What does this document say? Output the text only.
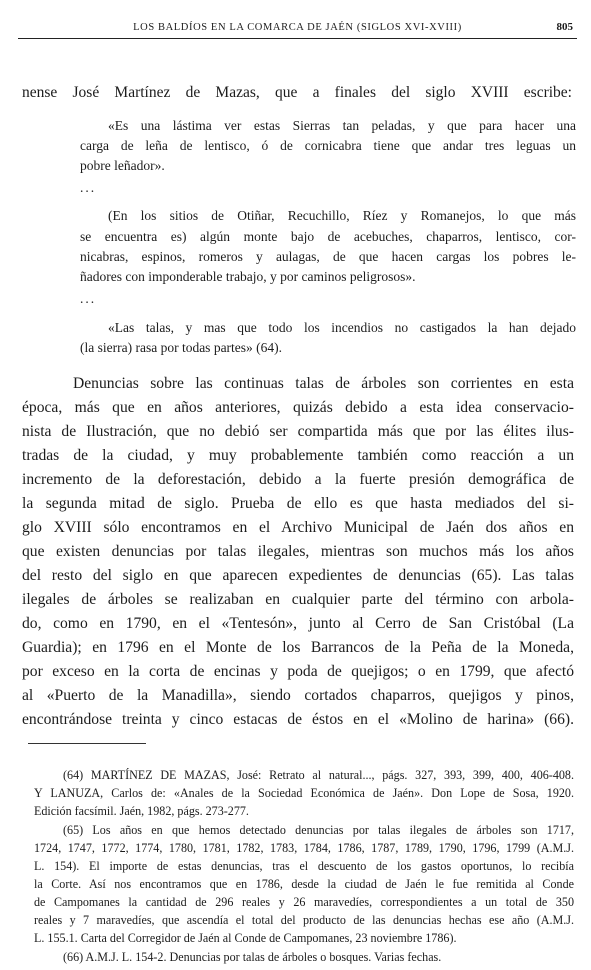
LOS BALDÍOS EN LA COMARCA DE JAÉN (SIGLOS XVI-XVIII)	805
nense José Martínez de Mazas, que a finales del siglo XVIII escribe:
«Es una lástima ver estas Sierras tan peladas, y que para hacer una
carga de leña de lentisco, ó de cornicabra tiene que andar tres leguas un
pobre leñador».
...
(En los sitios de Otiñar, Recuchillo, Ríez y Romanejos, lo que más
se encuentra es) algún monte bajo de acebuches, chaparros, lentisco, cor-
nicabras, espinos, romeros y aulagas, de que hacen cargas los pobres le-
ñadores con imponderable trabajo, y por caminos peligrosos».
...
«Las talas, y mas que todo los incendios no castigados la han dejado
(la sierra) rasa por todas partes» (64).
Denuncias sobre las continuas talas de árboles son corrientes en esta
época, más que en años anteriores, quizás debido a esta idea conservacio-
nista de Ilustración, que no debió ser compartida más que por las élites ilus-
tradas de la ciudad, y muy probablemente también como reacción a un
incremento de la deforestación, debido a la fuerte presión demográfica de
la segunda mitad de siglo. Prueba de ello es que hasta mediados del si-
glo XVIII sólo encontramos en el Archivo Municipal de Jaén dos años en
que existen denuncias por talas ilegales, mientras son muchos más los años
del resto del siglo en que aparecen expedientes de denuncias (65). Las talas
ilegales de árboles se realizaban en cualquier parte del término con arbola-
do, como en 1790, en el «Tentesón», junto al Cerro de San Cristóbal (La
Guardia); en 1796 en el Monte de los Barrancos de la Peña de la Moneda,
por exceso en la corta de encinas y poda de quejigos; o en 1799, que afectó
al «Puerto de la Manadilla», siendo cortados chaparros, quejigos y pinos,
encontrándose treinta y cinco estacas de éstos en el «Molino de harina» (66).
(64) MARTÍNEZ DE MAZAS, José: Retrato al natural..., págs. 327, 393, 399, 400, 406-408.
Y LANUZA, Carlos de: «Anales de la Sociedad Económica de Jaén». Don Lope de Sosa, 1920.
Edición facsímil. Jaén, 1982, págs. 273-277.
(65) Los años en que hemos detectado denuncias por talas ilegales de árboles son 1717,
1724, 1747, 1772, 1774, 1780, 1781, 1782, 1783, 1784, 1786, 1787, 1789, 1790, 1796, 1799 (A.M.J.
L. 154). El importe de estas denuncias, tras el descuento de los gastos oportunos, lo recibía
la Corte. Así nos encontramos que en 1786, desde la ciudad de Jaén le fue remitida al Conde
de Campomanes la cantidad de 296 reales y 26 maravedíes, correspondientes a un total de 350
reales y 7 maravedíes, que ascendía el total del producto de las denuncias hechas ese año (A.M.J.
L. 155.1. Carta del Corregidor de Jaén al Conde de Campomanes, 23 noviembre 1786).
(66) A.M.J. L. 154-2. Denuncias por talas de árboles o bosques. Varias fechas.
